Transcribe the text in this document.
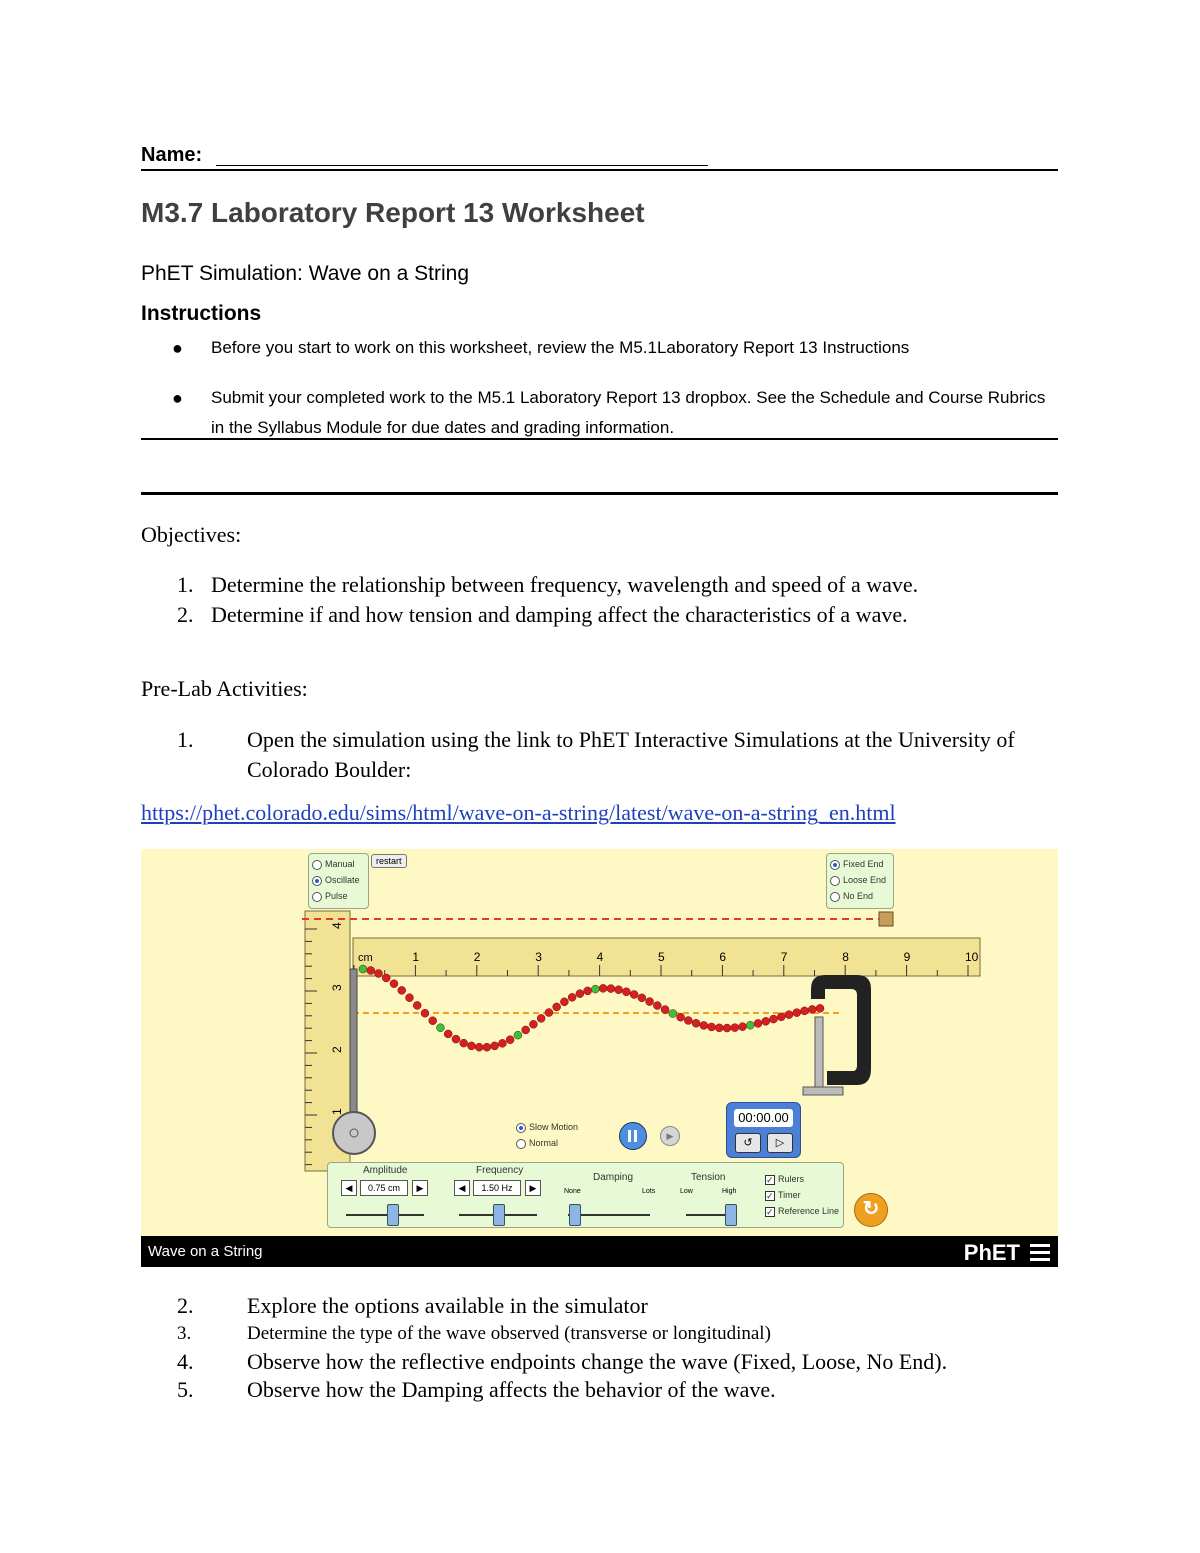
Name:
M3.7 Laboratory Report 13 Worksheet
PhET Simulation: Wave on a String
Instructions
● Before you start to work on this worksheet, review the M5.1Laboratory Report 13 Instructions
● Submit your completed work to the M5.1 Laboratory Report 13 dropbox. See the Schedule and Course Rubrics in the Syllabus Module for due dates and grading information.
Objectives:
1. Determine the relationship between frequency, wavelength and speed of a wave.
2. Determine if and how tension and damping affect the characteristics of a wave.
Pre-Lab Activities:
1. Open the simulation using the link to PhET Interactive Simulations at the University of Colorado Boulder:
https://phet.colorado.edu/sims/html/wave-on-a-string/latest/wave-on-a-string_en.html
cm	1	2	3	4	5	6	7	8	9	10
4
3
2
1
Manual
Oscillate
Pulse
restart	Fixed End
Loose End
No End
Slow Motion
Normal
▶
00:00.00
↺	▷
Amplitude
◀	0.75 cm	▶
Frequency
◀	1.50 Hz	▶
Damping
None	Lots
Tension
Low	High
✓ Rulers
✓ Timer
✓ Reference Line	↻
Wave on a String	PhET
2. Explore the options available in the simulator
3.	Determine the type of the wave observed (transverse or longitudinal)
4. Observe how the reflective endpoints change the wave (Fixed, Loose, No End).
5. Observe how the Damping affects the behavior of the wave.
